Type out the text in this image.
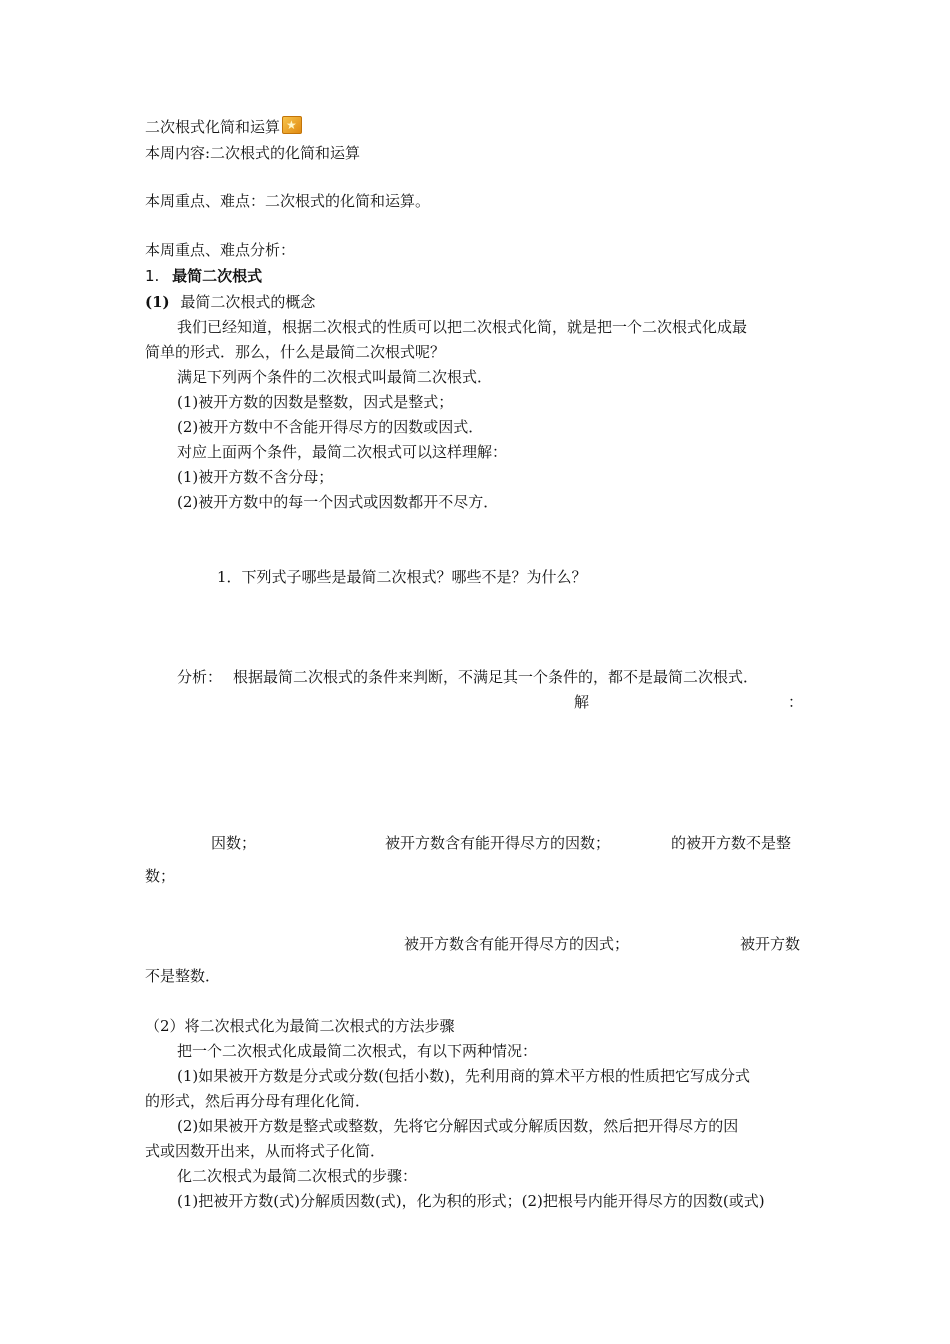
二次根式化简和运算★
本周内容:二次根式的化简和运算
本周重点、难点：二次根式的化简和运算。
本周重点、难点分析：
1. 最简二次根式
(1) 最简二次根式的概念
我们已经知道，根据二次根式的性质可以把二次根式化简，就是把一个二次根式化成最
简单的形式．那么，什么是最简二次根式呢？
满足下列两个条件的二次根式叫最简二次根式．
(1)被开方数的因数是整数，因式是整式；
(2)被开方数中不含能开得尽方的因数或因式．
对应上面两个条件，最简二次根式可以这样理解：
(1)被开方数不含分母；
(2)被开方数中的每一个因式或因数都开不尽方．
1．下列式子哪些是最简二次根式？哪些不是？为什么？
分析： 根据最简二次根式的条件来判断，不满足其一个条件的，都不是最简二次根式．
解	：
因数；	被开方数含有能开得尽方的因数；	的被开方数不是整
数；
被开方数含有能开得尽方的因式；	被开方数
不是整数．
（2）将二次根式化为最简二次根式的方法步骤
把一个二次根式化成最简二次根式，有以下两种情况：
(1)如果被开方数是分式或分数(包括小数)，先利用商的算术平方根的性质把它写成分式
的形式，然后再分母有理化化简．
(2)如果被开方数是整式或整数，先将它分解因式或分解质因数，然后把开得尽方的因
式或因数开出来，从而将式子化简．
化二次根式为最简二次根式的步骤：
(1)把被开方数(式)分解质因数(式)，化为积的形式；(2)把根号内能开得尽方的因数(或式)
